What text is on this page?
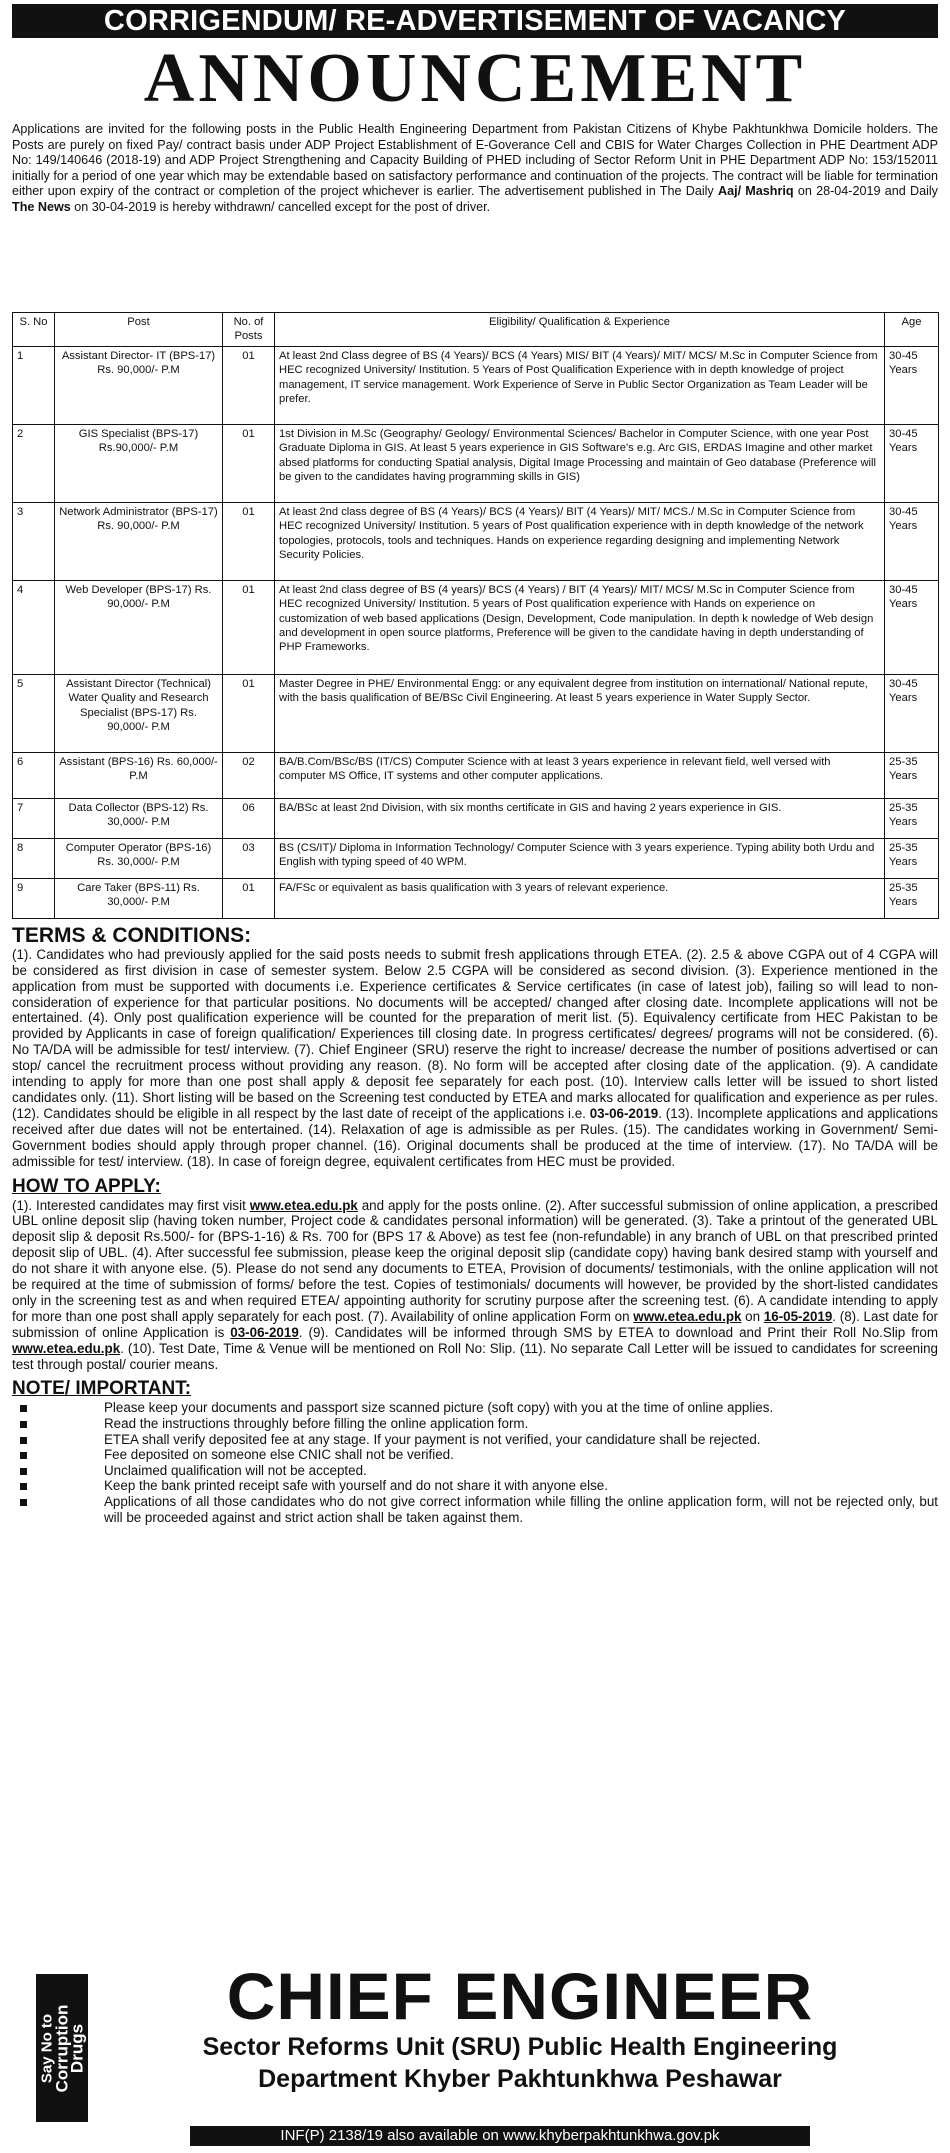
CORRIGENDUM/ RE-ADVERTISEMENT OF VACANCY
ANNOUNCEMENT
Applications are invited for the following posts in the Public Health Engineering Department from Pakistan Citizens of Khybe Pakhtunkhwa Domicile holders. The Posts are purely on fixed Pay/ contract basis under ADP Project Establishment of E-Goverance Cell and CBIS for Water Charges Collection in PHE Deartment ADP No: 149/140646 (2018-19) and ADP Project Strengthening and Capacity Building of PHED including of Sector Reform Unit in PHE Department ADP No: 153/152011 initially for a period of one year which may be extendable based on satisfactory performance and continuation of the projects. The contract will be liable for termination either upon expiry of the contract or completion of the project whichever is earlier. The advertisement published in The Daily Aaj/ Mashriq on 28-04-2019 and Daily The News on 30-04-2019 is hereby withdrawn/ cancelled except for the post of driver.
S. No	Post	No. of Posts	Eligibility/ Qualification & Experience	Age
1	Assistant Director- IT (BPS-17) Rs. 90,000/- P.M	01	At least 2nd Class degree of BS (4 Years)/ BCS (4 Years) MIS/ BIT (4 Years)/ MIT/ MCS/ M.Sc in Computer Science from HEC recognized University/ Institution. 5 Years of Post Qualification Experience with in depth knowledge of project management, IT service management. Work Experience of Serve in Public Sector Organization as Team Leader will be prefer.	30-45 Years
2	GIS Specialist (BPS-17) Rs.90,000/- P.M	01	1st Division in M.Sc (Geography/ Geology/ Environmental Sciences/ Bachelor in Computer Science, with one year Post Graduate Diploma in GIS. At least 5 years experience in GIS Software's e.g. Arc GIS, ERDAS Imagine and other market absed platforms for conducting Spatial analysis, Digital Image Processing and maintain of Geo database (Preference will be given to the candidates having programming skills in GIS)	30-45 Years
3	Network Administrator (BPS-17) Rs. 90,000/- P.M	01	At least 2nd class degree of BS (4 Years)/ BCS (4 Years)/ BIT (4 Years)/ MIT/ MCS./ M.Sc in Computer Science from HEC recognized University/ Institution. 5 years of Post qualification experience with in depth knowledge of the network topologies, protocols, tools and techniques. Hands on experience regarding designing and implementing Network Security Policies.	30-45 Years
4	Web Developer (BPS-17) Rs. 90,000/- P.M	01	At least 2nd class degree of BS (4 years)/ BCS (4 Years) / BIT (4 Years)/ MIT/ MCS/ M.Sc in Computer Science from HEC recognized University/ Institution. 5 years of Post qualification experience with Hands on experience on customization of web based applications (Design, Development, Code manipulation. In depth k nowledge of Web design and development in open source platforms, Preference will be given to the candidate having in depth understanding of PHP Frameworks.	30-45 Years
5	Assistant Director (Technical) Water Quality and Research Specialist (BPS-17) Rs. 90,000/- P.M	01	Master Degree in PHE/ Environmental Engg: or any equivalent degree from institution on international/ National repute, with the basis qualification of BE/BSc Civil Engineering. At least 5 years experience in Water Supply Sector.	30-45 Years
6	Assistant (BPS-16) Rs. 60,000/- P.M	02	BA/B.Com/BSc/BS (IT/CS) Computer Science with at least 3 years experience in relevant field, well versed with computer MS Office, IT systems and other computer applications.	25-35 Years
7	Data Collector (BPS-12) Rs. 30,000/- P.M	06	BA/BSc at least 2nd Division, with six months certificate in GIS and having 2 years experience in GIS.	25-35 Years
8	Computer Operator (BPS-16) Rs. 30,000/- P.M	03	BS (CS/IT)/ Diploma in Information Technology/ Computer Science with 3 years experience. Typing ability both Urdu and English with typing speed of 40 WPM.	25-35 Years
9	Care Taker (BPS-11) Rs. 30,000/- P.M	01	FA/FSc or equivalent as basis qualification with 3 years of relevant experience.	25-35 Years
TERMS & CONDITIONS:
(1). Candidates who had previously applied for the said posts needs to submit fresh applications through ETEA. (2). 2.5 & above CGPA out of 4 CGPA will be considered as first division in case of semester system. Below 2.5 CGPA will be considered as second division. (3). Experience mentioned in the application from must be supported with documents i.e. Experience certificates & Service certificates (in case of latest job), failing so will lead to non-consideration of experience for that particular positions. No documents will be accepted/ changed after closing date. Incomplete applications will not be entertained. (4). Only post qualification experience will be counted for the preparation of merit list. (5). Equivalency certificate from HEC Pakistan to be provided by Applicants in case of foreign qualification/ Experiences till closing date. In progress certificates/ degrees/ programs will not be considered. (6). No TA/DA will be admissible for test/ interview. (7). Chief Engineer (SRU) reserve the right to increase/ decrease the number of positions advertised or can stop/ cancel the recruitment process without providing any reason. (8). No form will be accepted after closing date of the application. (9). A candidate intending to apply for more than one post shall apply & deposit fee separately for each post. (10). Interview calls letter will be issued to short listed candidates only. (11). Short listing will be based on the Screening test conducted by ETEA and marks allocated for qualification and experience as per rules. (12). Candidates should be eligible in all respect by the last date of receipt of the applications i.e. 03-06-2019. (13). Incomplete applications and applications received after due dates will not be entertained. (14). Relaxation of age is admissible as per Rules. (15). The candidates working in Government/ Semi-Government bodies should apply through proper channel. (16). Original documents shall be produced at the time of interview. (17). No TA/DA will be admissible for test/ interview. (18). In case of foreign degree, equivalent certificates from HEC must be provided.
HOW TO APPLY:
(1). Interested candidates may first visit www.etea.edu.pk and apply for the posts online. (2). After successful submission of online application, a prescribed UBL online deposit slip (having token number, Project code & candidates personal information) will be generated. (3). Take a printout of the generated UBL deposit slip & deposit Rs.500/- for (BPS-1-16) & Rs. 700 for (BPS 17 & Above) as test fee (non-refundable) in any branch of UBL on that prescribed printed deposit slip of UBL. (4). After successful fee submission, please keep the original deposit slip (candidate copy) having bank desired stamp with yourself and do not share it with anyone else. (5). Please do not send any documents to ETEA, Provision of documents/ testimonials, with the online application will not be required at the time of submission of forms/ before the test. Copies of testimonials/ documents will however, be provided by the short-listed candidates only in the screening test as and when required ETEA/ appointing authority for scrutiny purpose after the screening test. (6). A candidate intending to apply for more than one post shall apply separately for each post. (7). Availability of online application Form on www.etea.edu.pk on 16-05-2019. (8). Last date for submission of online Application is 03-06-2019. (9). Candidates will be informed through SMS by ETEA to download and Print their Roll No.Slip from www.etea.edu.pk. (10). Test Date, Time & Venue will be mentioned on Roll No: Slip. (11). No separate Call Letter will be issued to candidates for screening test through postal/ courier means.
NOTE/ IMPORTANT:
Please keep your documents and passport size scanned picture (soft copy) with you at the time of online applies.
Read the instructions throughly before filling the online application form.
ETEA shall verify deposited fee at any stage. If your payment is not verified, your candidature shall be rejected.
Fee deposited on someone else CNIC shall not be verified.
Unclaimed qualification will not be accepted.
Keep the bank printed receipt safe with yourself and do not share it with anyone else.
Applications of all those candidates who do not give correct information while filling the online application form, will not be rejected only, but will be proceeded against and strict action shall be taken against them.
Say No to
Corruption
Drugs
CHIEF ENGINEER
Sector Reforms Unit (SRU) Public Health Engineering
Department Khyber Pakhtunkhwa Peshawar
INF(P) 2138/19 also available on www.khyberpakhtunkhwa.gov.pk
